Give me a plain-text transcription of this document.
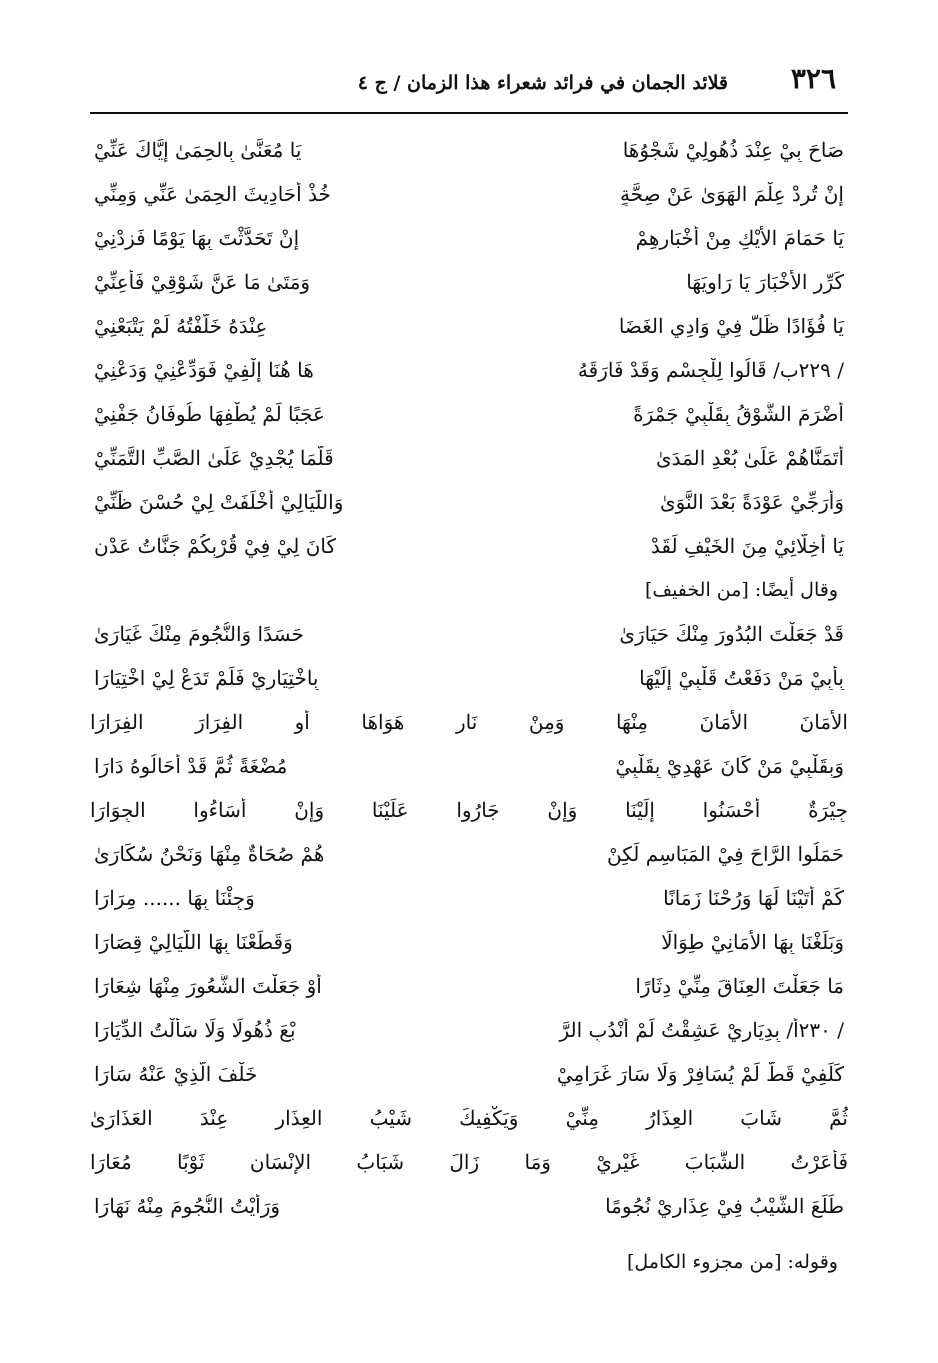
٣٢٦
قلائد الجمان في فرائد شعراء هذا الزمان / ج ٤
صَاحَ بِيْ عِنْدَ ذُهُولِيْ شَجْوُهَا
يَا مُعَنَّىٰ بِالحِمَىٰ إِيَّاكَ عَنِّيْ
إِنْ تُرِدْ عِلْمَ الهَوَىٰ عَنْ صِحَّةٍ
خُذْ أَحَادِيثَ الحِمَىٰ عَنِّي وَمِنِّي
يَا حَمَامَ الأَيْكِ مِنْ أَخْبَارِهِمْ
إِنْ تَحَدَّثْتَ بِهَا يَوْمًا فَزِدْنِيْ
كَرِّرِ الأَخْبَارَ يَا رَاوِيَهَا
وَمَتَىٰ مَا عَنَّ شَوْقِيْ فَأَعِنِّيْ
يَا فُؤَادًا ظَلَّ فِيْ وَادِي الغَضَا
عِنْدَهُ خَلَّفْتُهُ لَمْ يَتْبَعْنِيْ
/ ٢٢٩ب/ قَالُوا لِلْجِسْمِ وَقَدْ فَارَقَهُ
هَا هُنَا إِلْفِيْ فَوَدِّعْنِيْ وَدَعْنِيْ
أَضْرَمَ الشَّوْقُ بِقَلْبِيْ جَمْرَةً
عَجَبًا لَمْ يُطْفِهَا طُوفَانُ جَفْنِيْ
أَتَمَنَّاهُمْ عَلَىٰ بُعْدِ المَدَىٰ
قَلَّمَا يُجْدِيْ عَلَىٰ الصَّبِّ التَّمَنِّيْ
وَأُرَجِّيْ عَوْدَةً بَعْدَ النَّوَىٰ
وَاللَّيَالِيْ أَخْلَفَتْ لِيْ حُسْنَ ظَنِّيْ
يَا أُخِلَّائِيْ مِنَ الخَيْفِ لَقَدْ
كَانَ لِيْ فِيْ قُرْبِكُمْ جَنَّاتُ عَدْنِ
وقال أيضًا: [من الخفيف]
قَدْ جَعَلْتَ البُدُورَ مِنْكَ حَيَارَىٰ
حَسَدًا وَالنُّجُومَ مِنْكَ غَيَارَىٰ
بِأَبِيْ مَنْ دَفَعْتُ قَلْبِيْ إِلَيْهَا
بِاخْتِيَارِيْ فَلَمْ تَدَعْ لِيْ اخْتِيَارَا
الأَمَانَ الأَمَانَ مِنْهَا وَمِنْ نَارِ هَوَاهَا أَوِ الفِرَارَ الفِرَارَا
وَبِقَلْبِيْ مَنْ كَانَ عَهْدِيْ بِقَلْبِيْ
مُضْغَةً ثُمَّ قَدْ أَحَالُوهُ دَارَا
جِيْرَةٌ أَحْسَنُوا إِلَيْنَا وَإِنْ جَارُوا عَلَيْنَا وَإِنْ أَسَاءُوا الجِوَارَا
حَمَلُوا الرَّاحَ فِيْ المَبَاسِمِ لَكِنْ
هُمْ صُحَاةٌ مِنْهَا وَنَحْنُ سُكَارَىٰ
كَمْ أَتَيْنَا لَهَا وَرُحْنَا زَمَانًا
وَجِئْنَا بِهَا ...... مِرَارَا
وَبَلَغْنَا بِهَا الأَمَانِيْ طِوَالًا
وَقَطَعْنَا بِهَا اللَّيَالِيْ قِصَارَا
مَا جَعَلْتَ العِنَاقَ مِنِّيْ دِثَارًا
أَوْ جَعَلْتَ الشُّعُورَ مِنْهَا شِعَارَا
/ ٢٣٠أ/ بِدِيَارِيْ عَشِقْتُ لَمْ أَنْدُبِ الرَّ
بْعَ ذُهُولًا وَلَا سَأَلْتُ الدِّيَارَا
كَلَفِيْ قَطُّ لَمْ يُسَافِرْ وَلَا سَارَ غَرَامِيْ
خَلْفَ الَّذِيْ عَنْهُ سَارَا
ثُمَّ شَابَ العِذَارُ مِنِّيْ وَيَكْفِيكَ شَيْبُ العِذَارِ عِنْدَ العَذَارَىٰ
فَأَعَرْتُ الشَّبَابَ غَيْرِيْ وَمَا زَالَ شَبَابُ الإِنْسَانِ ثَوْبًا مُعَارَا
طَلَعَ الشَّيْبُ فِيْ عِذَارِيْ نُجُومًا
وَرَأَيْتُ النُّجُومَ مِنْهُ نَهَارَا
وقوله: [من مجزوء الكامل]
